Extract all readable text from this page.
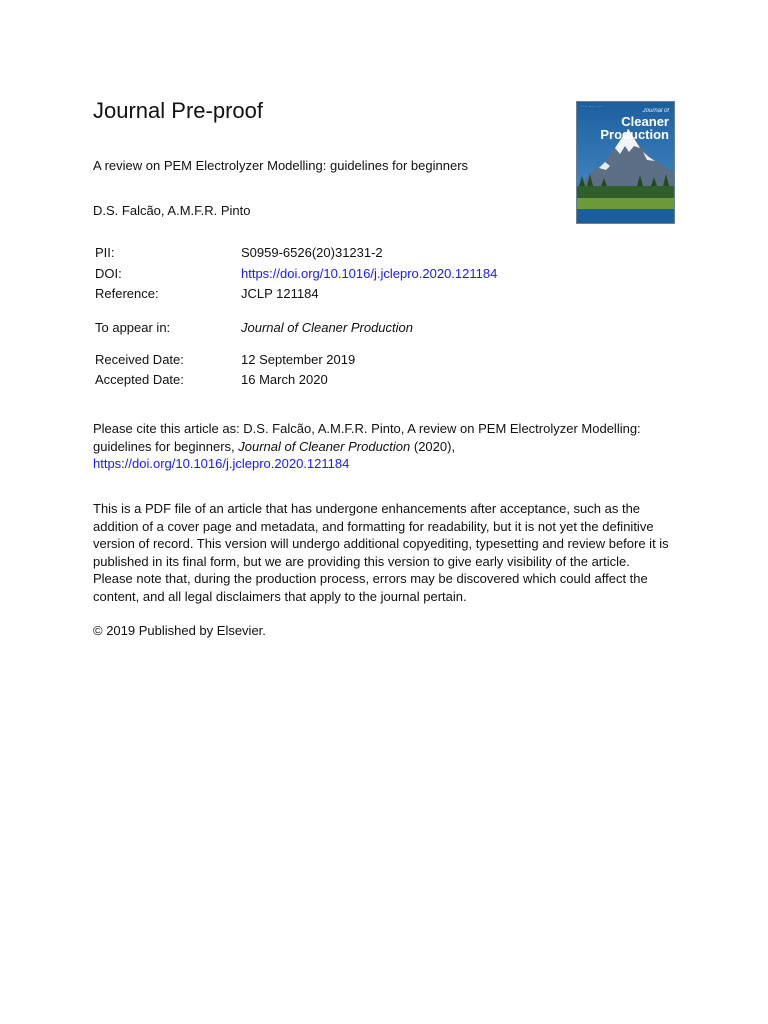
Journal Pre-proof	·· ·· ···· · ····
Journal of
Cleaner
Production
A review on PEM Electrolyzer Modelling: guidelines for beginners
D.S. Falcão, A.M.F.R. Pinto
PII:	S0959-6526(20)31231-2
DOI:	https://doi.org/10.1016/j.jclepro.2020.121184
Reference:	JCLP 121184
To appear in:	Journal of Cleaner Production
Received Date:	12 September 2019
Accepted Date:	16 March 2020
Please cite this article as: D.S. Falcão, A.M.F.R. Pinto, A review on PEM Electrolyzer Modelling: guidelines for beginners, Journal of Cleaner Production (2020), https://doi.org/10.1016/j.jclepro.2020.121184
This is a PDF file of an article that has undergone enhancements after acceptance, such as the addition of a cover page and metadata, and formatting for readability, but it is not yet the definitive version of record. This version will undergo additional copyediting, typesetting and review before it is published in its final form, but we are providing this version to give early visibility of the article. Please note that, during the production process, errors may be discovered which could affect the content, and all legal disclaimers that apply to the journal pertain.
© 2019 Published by Elsevier.
